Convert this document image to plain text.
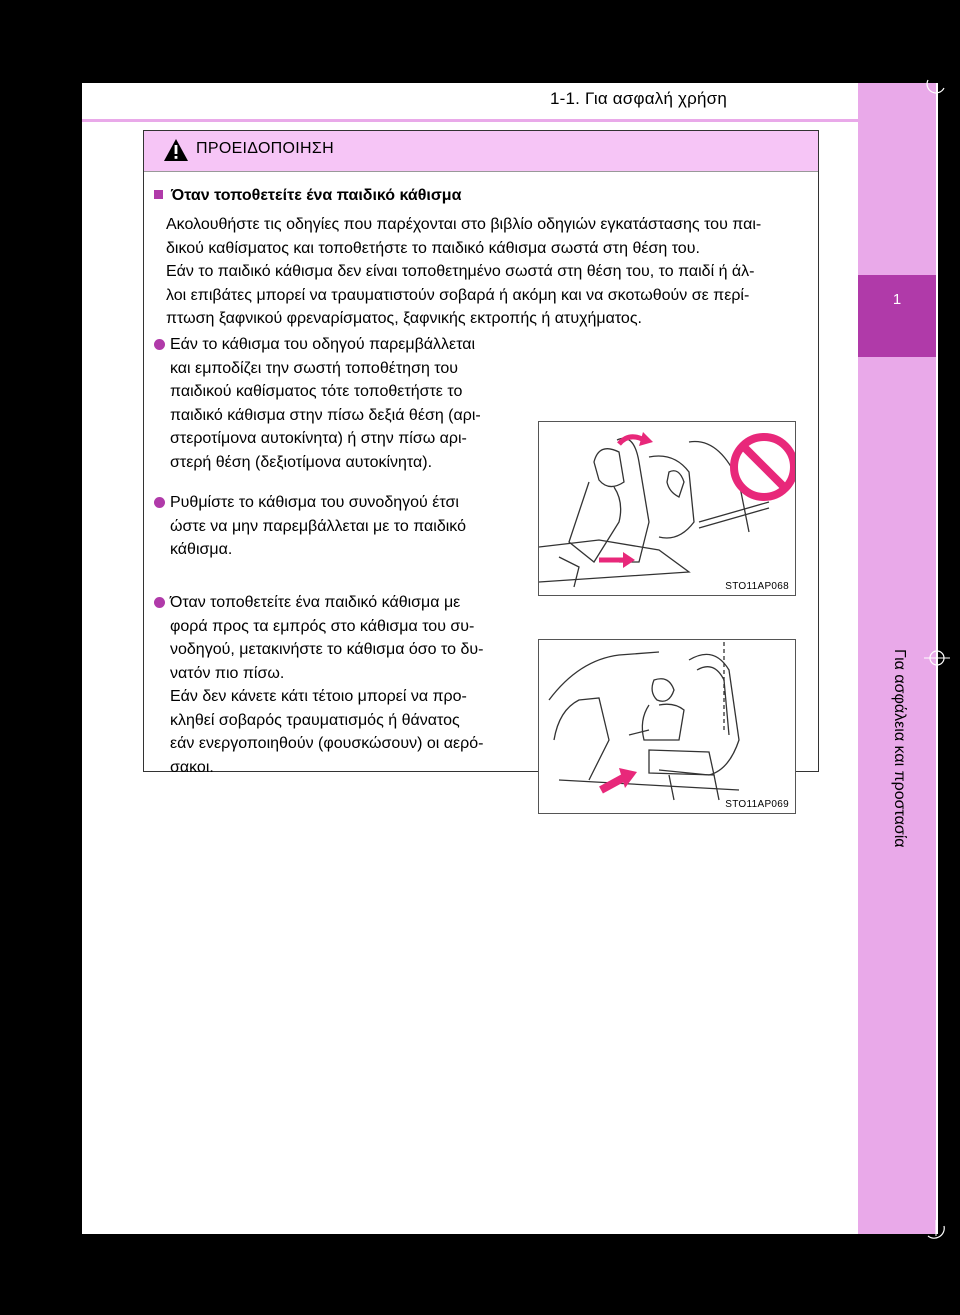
1-1. Για ασφαλή χρήση
1
Για ασφάλεια και προστασία
ΠΡΟΕΙΔΟΠΟΙΗΣΗ
Όταν τοποθετείτε ένα παιδικό κάθισμα
Ακολουθήστε τις οδηγίες που παρέχονται στο βιβλίο οδηγιών εγκατάστασης του παι-
δικού καθίσματος και τοποθετήστε το παιδικό κάθισμα σωστά στη θέση του.
Εάν το παιδικό κάθισμα δεν είναι τοποθετημένο σωστά στη θέση του, το παιδί ή άλ-
λοι επιβάτες μπορεί να τραυματιστούν σοβαρά ή ακόμη και να σκοτωθούν σε περί-
πτωση ξαφνικού φρεναρίσματος, ξαφνικής εκτροπής ή ατυχήματος.
Εάν το κάθισμα του οδηγού παρεμβάλλεται
και εμποδίζει την σωστή τοποθέτηση του
παιδικού καθίσματος τότε τοποθετήστε το
παιδικό κάθισμα στην πίσω δεξιά θέση (αρι-
στεροτίμονα αυτοκίνητα) ή στην πίσω αρι-
στερή θέση (δεξιοτίμονα αυτοκίνητα).
Ρυθμίστε το κάθισμα του συνοδηγού έτσι
ώστε να μην παρεμβάλλεται με το παιδικό
κάθισμα.
Όταν τοποθετείτε ένα παιδικό κάθισμα με
φορά προς τα εμπρός στο κάθισμα του συ-
νοδηγού, μετακινήστε το κάθισμα όσο το δυ-
νατόν πιο πίσω.
Εάν δεν κάνετε κάτι τέτοιο μπορεί να προ-
κληθεί σοβαρός τραυματισμός ή θάνατος
εάν ενεργοποιηθούν (φουσκώσουν) οι αερό-
σακοι.
STO11AP068
STO11AP069
